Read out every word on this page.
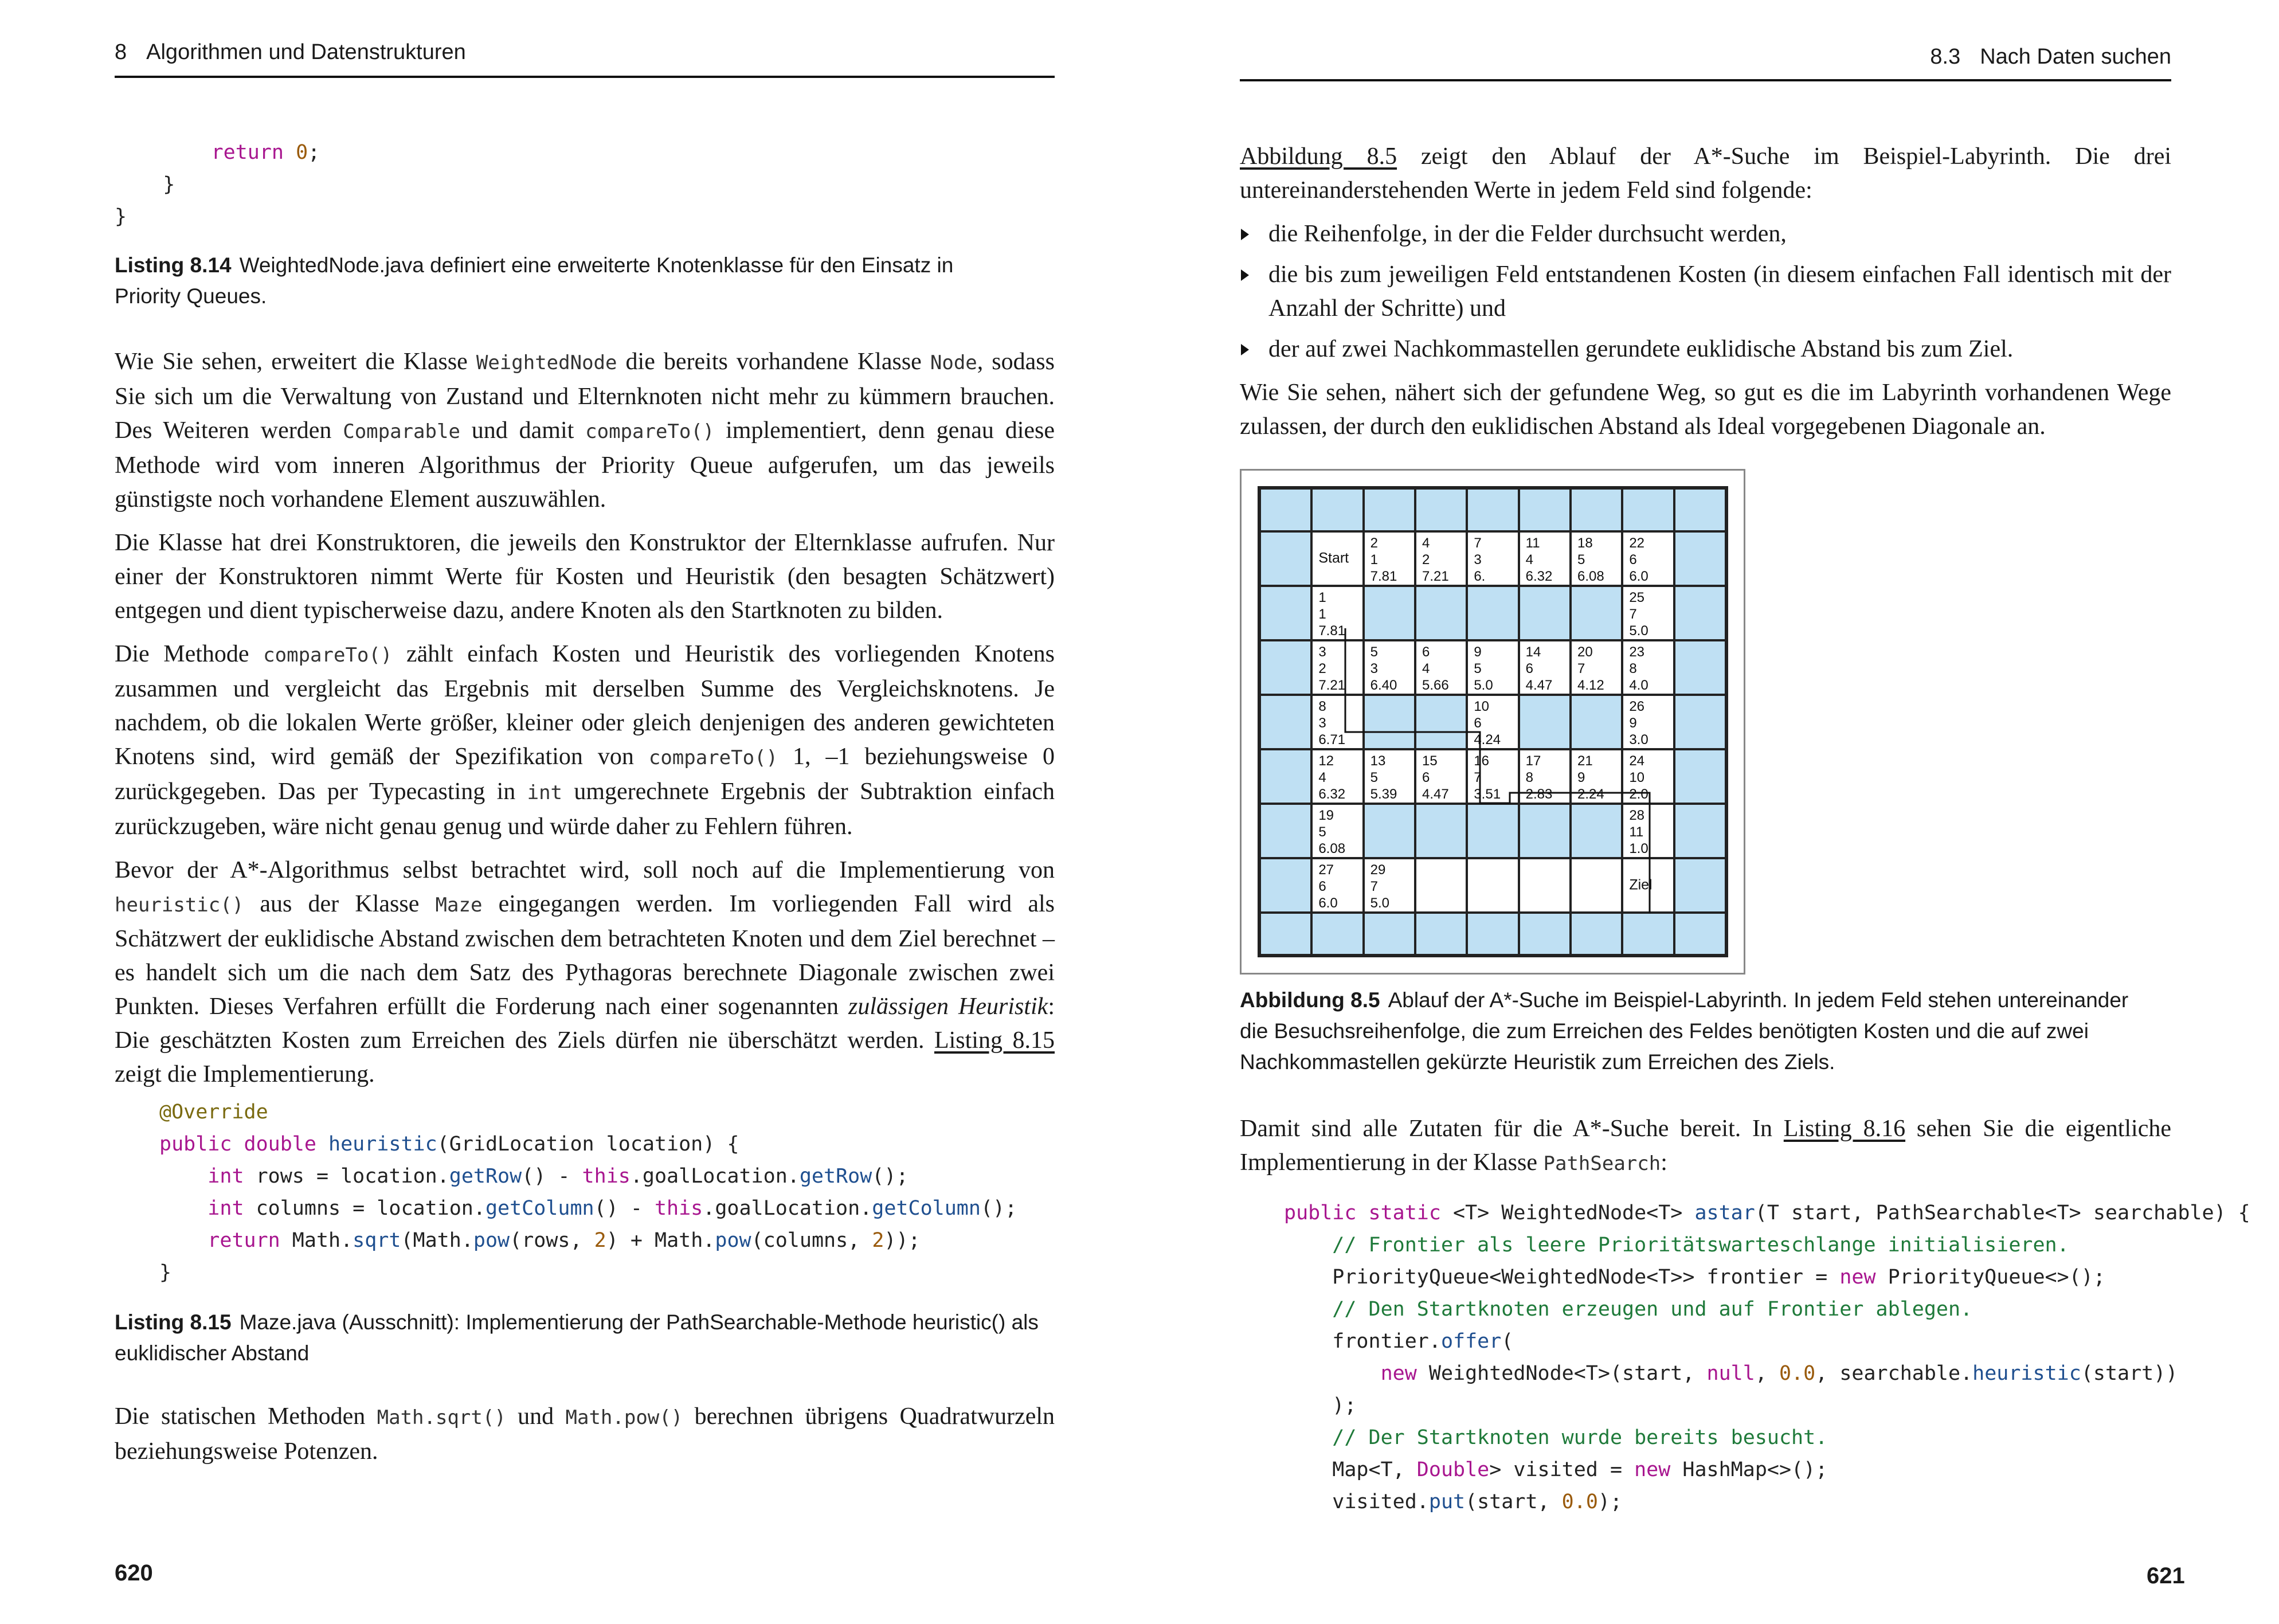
8 Algorithmen und Datenstrukturen
return 0;
}
}
Listing 8.14 WeightedNode.java definiert eine erweiterte Knotenklasse für den Einsatz in Priority Queues.

Wie Sie sehen, erweitert die Klasse WeightedNode die bereits vorhandene Klasse Node, sodass Sie sich um die Verwaltung von Zustand und Elternknoten nicht mehr zu kümmern brauchen. Des Weiteren werden Comparable und damit compareTo() implementiert, denn genau diese Methode wird vom inneren Algorithmus der Priority Queue aufgerufen, um das jeweils günstigste noch vorhandene Element auszuwählen.

Die Klasse hat drei Konstruktoren, die jeweils den Konstruktor der Elternklasse aufrufen. Nur einer der Konstruktoren nimmt Werte für Kosten und Heuristik (den besagten Schätzwert) entgegen und dient typischerweise dazu, andere Knoten als den Startknoten zu bilden.

Die Methode compareTo() zählt einfach Kosten und Heuristik des vorliegenden Knotens zusammen und vergleicht das Ergebnis mit derselben Summe des Vergleichsknotens. Je nachdem, ob die lokalen Werte größer, kleiner oder gleich denjenigen des anderen gewichteten Knotens sind, wird gemäß der Spezifikation von compareTo() 1, –1 beziehungsweise 0 zurückgegeben. Das per Typecasting in int umgerechnete Ergebnis der Subtraktion einfach zurückzugeben, wäre nicht genau genug und würde daher zu Fehlern führen.

Bevor der A*-Algorithmus selbst betrachtet wird, soll noch auf die Implementierung von heuristic() aus der Klasse Maze eingegangen werden. Im vorliegenden Fall wird als Schätzwert der euklidische Abstand zwischen dem betrachteten Knoten und dem Ziel berechnet – es handelt sich um die nach dem Satz des Pythagoras berechnete Diagonale zwischen zwei Punkten. Dieses Verfahren erfüllt die Forderung nach einer sogenannten zulässigen Heuristik: Die geschätzten Kosten zum Erreichen des Ziels dürfen nie überschätzt werden. Listing 8.15 zeigt die Implementierung.

@Override
public double heuristic(GridLocation location) {
int rows = location.getRow() - this.goalLocation.getRow();
int columns = location.getColumn() - this.goalLocation.getColumn();
return Math.sqrt(Math.pow(rows, 2) + Math.pow(columns, 2));
}
Listing 8.15 Maze.java (Ausschnitt): Implementierung der PathSearchable-Methode heuristic() als euklidischer Abstand

Die statischen Methoden Math.sqrt() und Math.pow() berechnen übrigens Quadratwurzeln beziehungsweise Potenzen.

620
8.3 Nach Daten suchen

Abbildung 8.5 zeigt den Ablauf der A*-Suche im Beispiel-Labyrinth. Die drei untereinanderstehenden Werte in jedem Feld sind folgende:

die Reihenfolge, in der die Felder durchsucht werden,
die bis zum jeweiligen Feld entstandenen Kosten (in diesem einfachen Fall identisch mit der Anzahl der Schritte) und
der auf zwei Nachkommastellen gerundete euklidische Abstand bis zum Ziel.

Wie Sie sehen, nähert sich der gefundene Weg, so gut es die im Labyrinth vorhandenen Wege zulassen, der durch den euklidischen Abstand als Ideal vorgegebenen Diagonale an.

Start
2
1
7.81
4
2
7.21
7
3
6.
11
4
6.32
18
5
6.08
22
6
6.0
1
1
7.81
25
7
5.0
3
2
7.21
5
3
6.40
6
4
5.66
9
5
5.0
14
6
4.47
20
7
4.12
23
8
4.0
8
3
6.71
10
6
4.24
26
9
3.0
12
4
6.32
13
5
5.39
15
6
4.47
16
7
3.51
17
8
2.83
21
9
2.24
24
10
2.0
19
5
6.08
28
11
1.0
27
6
6.0
29
7
5.0
Ziel
Abbildung 8.5 Ablauf der A*-Suche im Beispiel-Labyrinth. In jedem Feld stehen untereinander die Besuchsreihenfolge, die zum Erreichen des Feldes benötigten Kosten und die auf zwei Nachkommastellen gekürzte Heuristik zum Erreichen des Ziels.

Damit sind alle Zutaten für die A*-Suche bereit. In Listing 8.16 sehen Sie die eigentliche Implementierung in der Klasse PathSearch:

public static <T> WeightedNode<T> astar(T start, PathSearchable<T> searchable) {
// Frontier als leere Prioritätswarteschlange initialisieren.
PriorityQueue<WeightedNode<T>> frontier = new PriorityQueue<>();
// Den Startknoten erzeugen und auf Frontier ablegen.
frontier.offer(
new WeightedNode<T>(start, null, 0.0, searchable.heuristic(start))
);
// Der Startknoten wurde bereits besucht.
Map<T, Double> visited = new HashMap<>();
visited.put(start, 0.0);
621
